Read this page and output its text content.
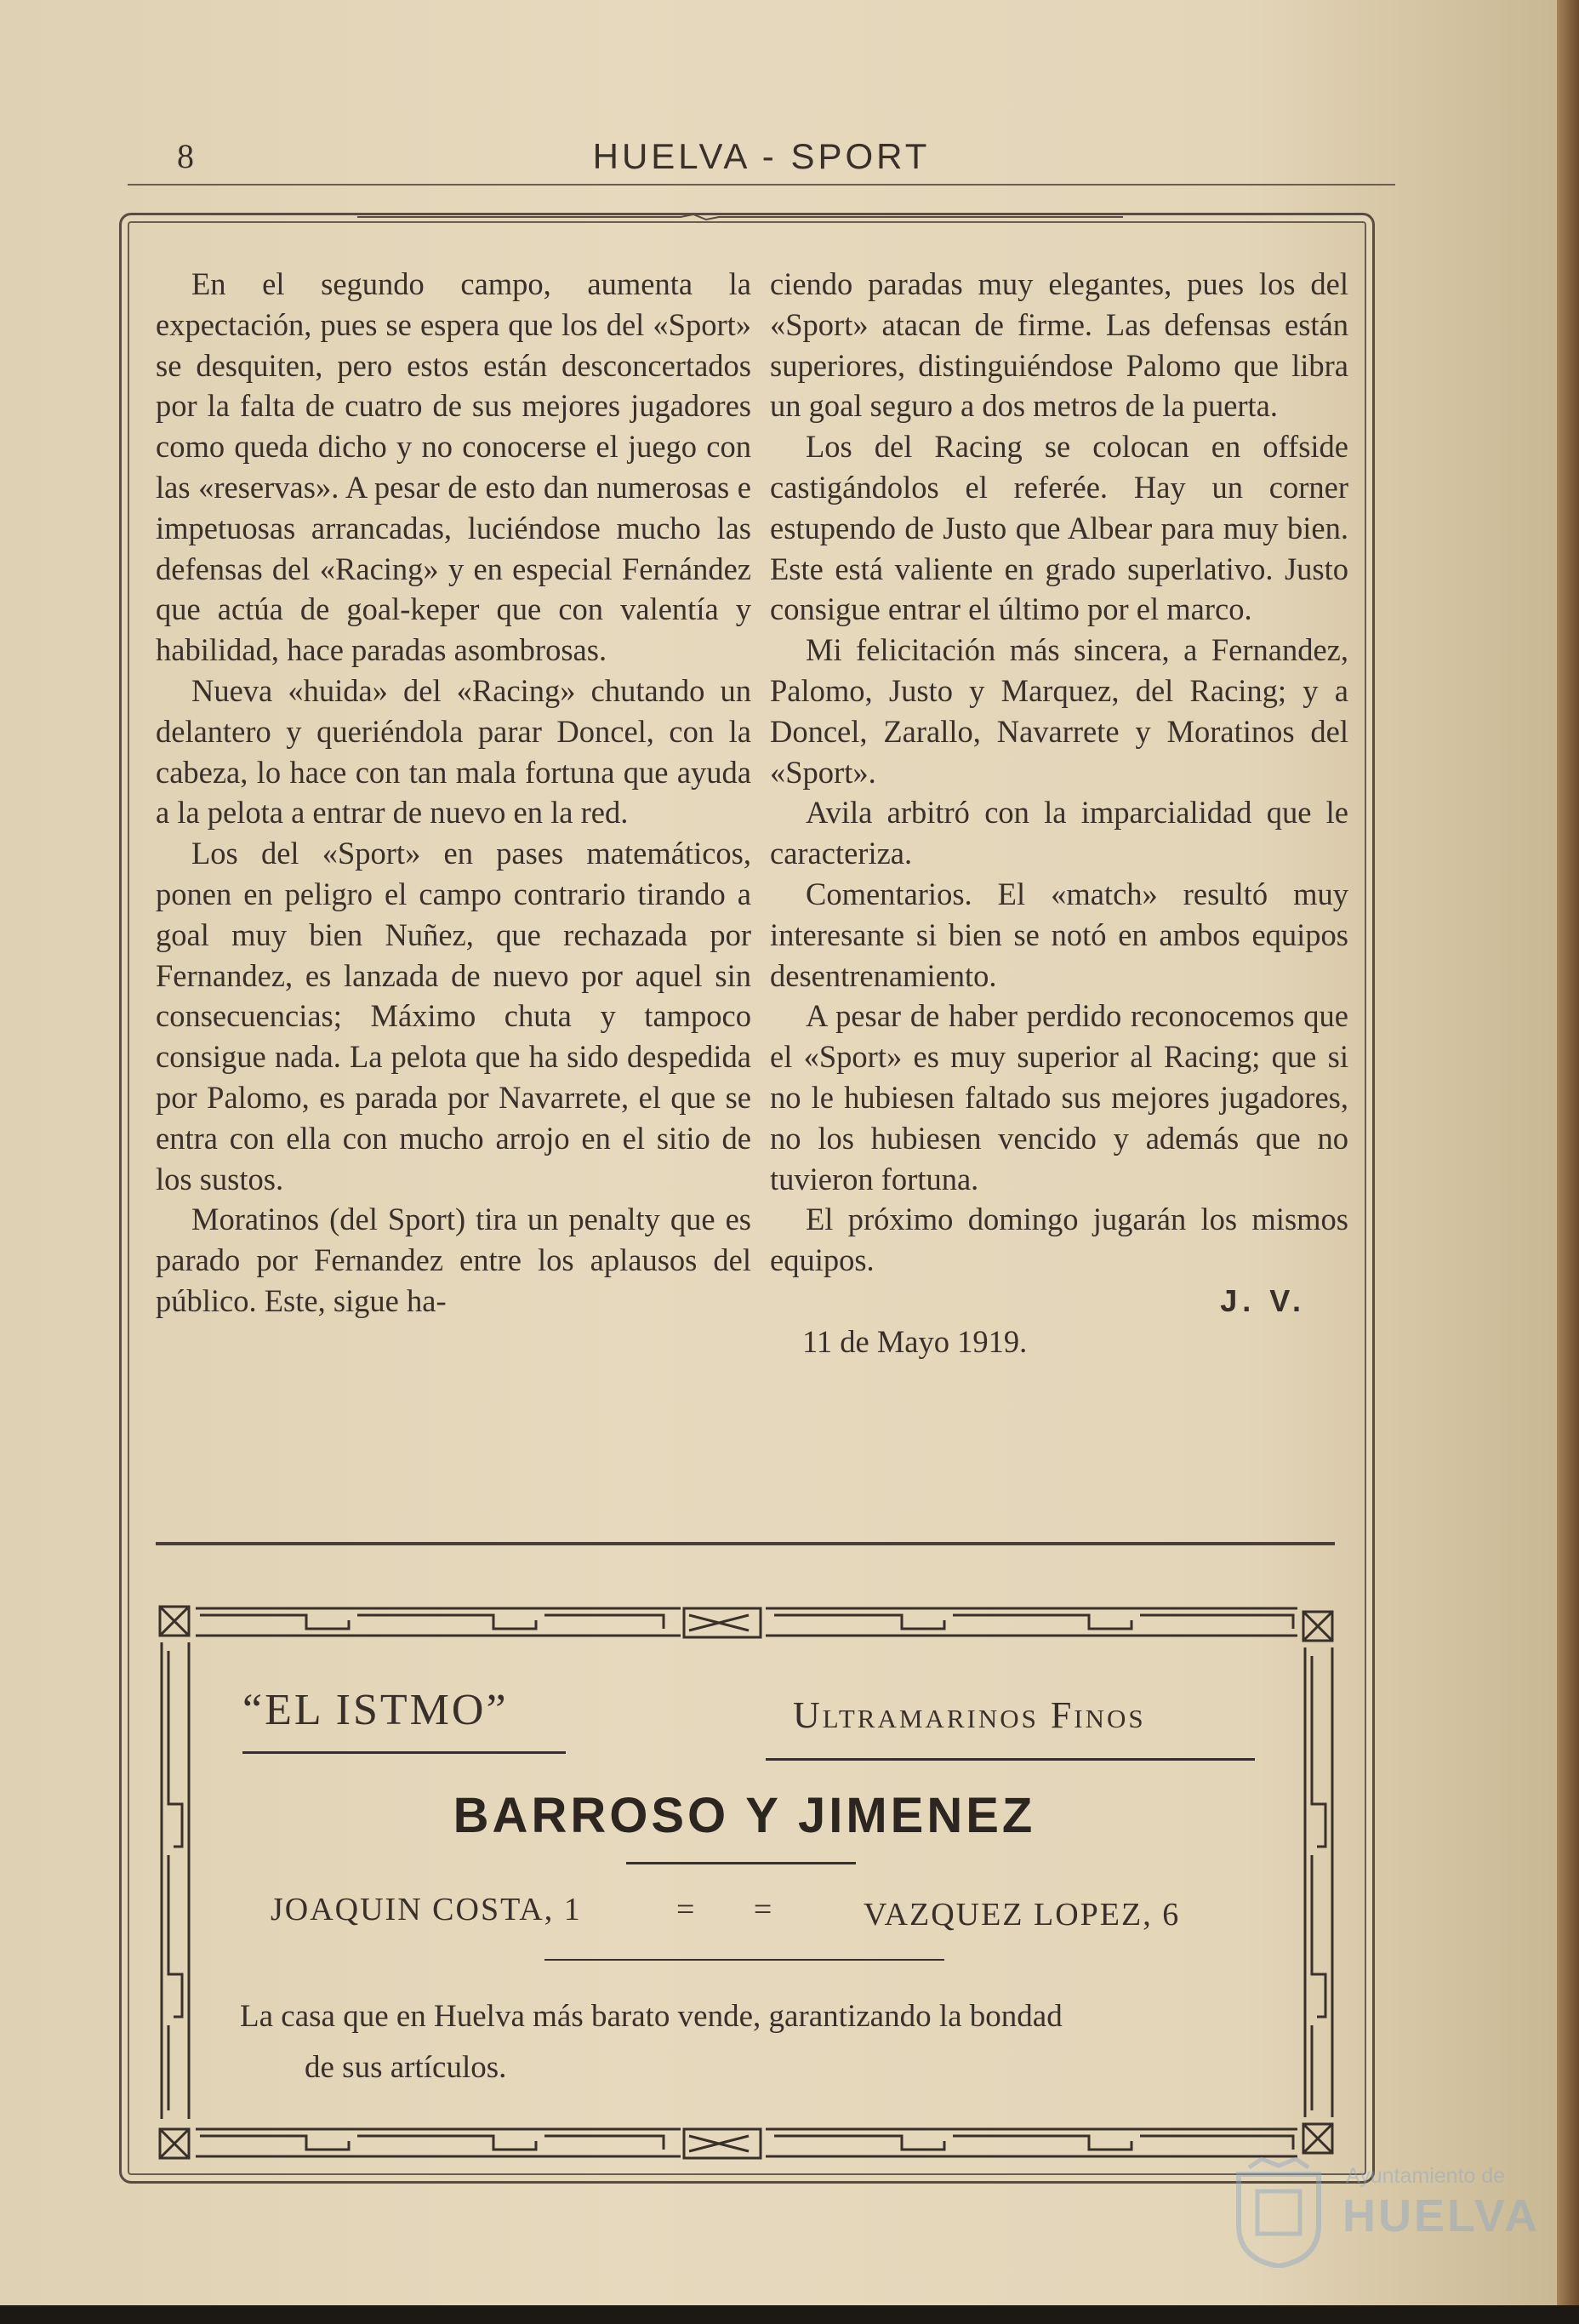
8	HUELVA - SPORT

En el segundo campo, aumenta la expectación, pues se espera que los del «Sport» se desquiten, pero estos están desconcertados por la falta de cuatro de sus mejores jugadores como queda dicho y no conocerse el juego con las «reservas». A pesar de esto dan numerosas e impetuosas arrancadas, luciéndose mucho las defensas del «Racing» y en especial Fernández que actúa de goal-keper que con valentía y habilidad, hace paradas asombrosas.

Nueva «huida» del «Racing» chutando un delantero y queriéndola parar Doncel, con la cabeza, lo hace con tan mala fortuna que ayuda a la pelota a entrar de nuevo en la red.

Los del «Sport» en pases matemáticos, ponen en peligro el campo contrario tirando a goal muy bien Nuñez, que rechazada por Fernandez, es lanzada de nuevo por aquel sin consecuencias; Máximo chuta y tampoco consigue nada. La pelota que ha sido despedida por Palomo, es parada por Navarrete, el que se entra con ella con mucho arrojo en el sitio de los sustos.

Moratinos (del Sport) tira un penalty que es parado por Fernandez entre los aplausos del público. Este, sigue ha-

ciendo paradas muy elegantes, pues los del «Sport» atacan de firme. Las defensas están superiores, distinguiéndose Palomo que libra un goal seguro a dos metros de la puerta.

Los del Racing se colocan en offside castigándolos el referée. Hay un corner estupendo de Justo que Albear para muy bien. Este está valiente en grado superlativo. Justo consigue entrar el último por el marco.

Mi felicitación más sincera, a Fernandez, Palomo, Justo y Marquez, del Racing; y a Doncel, Zarallo, Navarrete y Moratinos del «Sport».

Avila arbitró con la imparcialidad que le caracteriza.

Comentarios. El «match» resultó muy interesante si bien se notó en ambos equipos desentrenamiento.

A pesar de haber perdido reconocemos que el «Sport» es muy superior al Racing; que si no le hubiesen faltado sus mejores jugadores, no los hubiesen vencido y además que no tuvieron fortuna.

El próximo domingo jugarán los mismos equipos.

J. V.

11 de Mayo 1919.

“EL ISTMO”	Ultramarinos Finos
BARROSO Y JIMENEZ
JOAQUIN COSTA, 1	= = VAZQUEZ LOPEZ, 6
La casa que en Huelva más barato vende, garantizando la bondad
de sus artículos.
Ayuntamiento de
HUELVA
